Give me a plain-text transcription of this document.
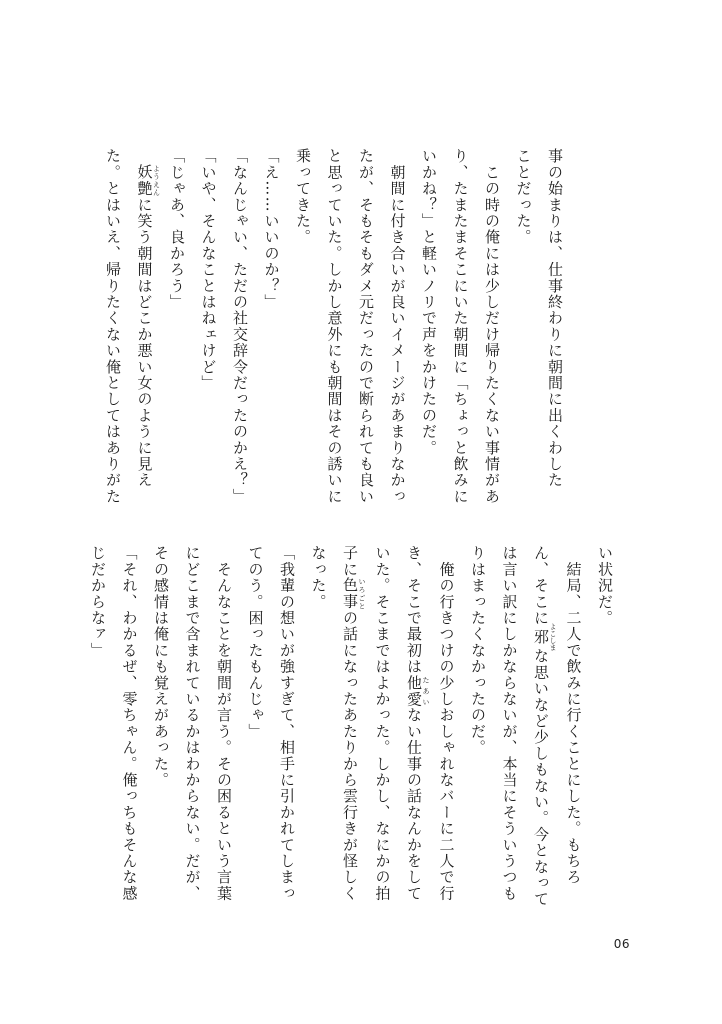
事の始まりは、仕事終わりに朝間に出くわした
ことだった。
　この時の俺には少しだけ帰りたくない事情があ
り、たまたまそこにいた朝間に「ちょっと飲みに
いかね？」と軽いノリで声をかけたのだ。
　朝間に付き合いが良いイメージがあまりなかっ
たが、そもそもダメ元だったので断られても良い
と思っていた。しかし意外にも朝間はその誘いに
乗ってきた。
「え……いいのか？」
「なんじゃい、ただの社交辞令だったのかえ？」
「いや、そんなことはねェけど」
「じゃあ、良かろう」
　妖艶 ようえんに笑う朝間はどこか悪い女のように見え
た。とはいえ、帰りたくない俺としてはありがた
い状況だ。
　結局、二人で飲みに行くことにした。もちろ
ん、そこに邪 よこしまな思いなど少しもない。今となって
は言い訳にしかならないが、本当にそういうつも
りはまったくなかったのだ。
　俺の行きつけの少しおしゃれなバーに二人で行
き、そこで最初は他愛 たあいない仕事の話なんかをして
いた。そこまではよかった。しかし、なにかの拍
子に色事 いろごとの話になったあたりから雲行きが怪しく
なった。
「我輩の想いが強すぎて、相手に引かれてしまっ
てのう。困ったもんじゃ」
　そんなことを朝間が言う。その困るという言葉
にどこまで含まれているかはわからない。だが、
その感情は俺にも覚えがあった。
「それ、わかるぜ、零ちゃん。俺っちもそんな感
じだからなァ」
06
